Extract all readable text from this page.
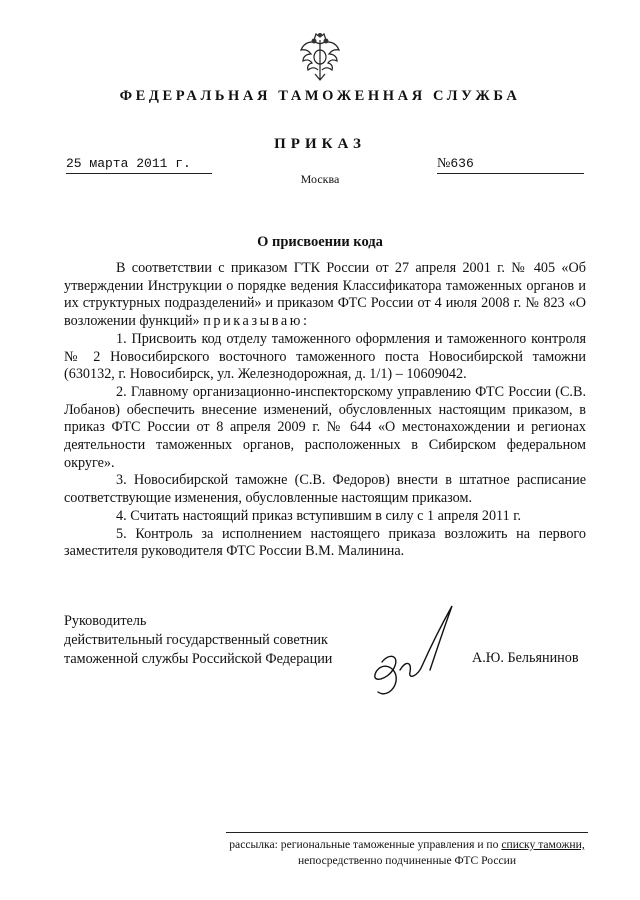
ФЕДЕРАЛЬНАЯ ТАМОЖЕННАЯ СЛУЖБА
ПРИКАЗ
25 марта 2011 г.	№636
Москва
О присвоении кода

В соответствии с приказом ГТК России от 27 апреля 2001 г. № 405 «Об утверждении Инструкции о порядке ведения Классификатора таможенных органов и их структурных подразделений» и приказом ФТС России от 4 июля 2008 г. № 823 «О возложении функций» приказываю:

1. Присвоить код отделу таможенного оформления и таможенного контроля № 2 Новосибирского восточного таможенного поста Новосибирской таможни (630132, г. Новосибирск, ул. Железнодорожная, д. 1/1) – 10609042.

2. Главному организационно-инспекторскому управлению ФТС России (С.В. Лобанов) обеспечить внесение изменений, обусловленных настоящим приказом, в приказ ФТС России от 8 апреля 2009 г. № 644 «О местонахождении и регионах деятельности таможенных органов, расположенных в Сибирском федеральном округе».

3. Новосибирской таможне (С.В. Федоров) внести в штатное расписание соответствующие изменения, обусловленные настоящим приказом.

4. Считать настоящий приказ вступившим в силу с 1 апреля 2011 г.

5. Контроль за исполнением настоящего приказа возложить на первого заместителя руководителя ФТС России В.М. Малинина.

Руководитель
действительный государственный советник
таможенной службы Российской Федерации	А.Ю. Бельянинов
рассылка: региональные таможенные управления и по списку таможни,
непосредственно подчиненные ФТС России
